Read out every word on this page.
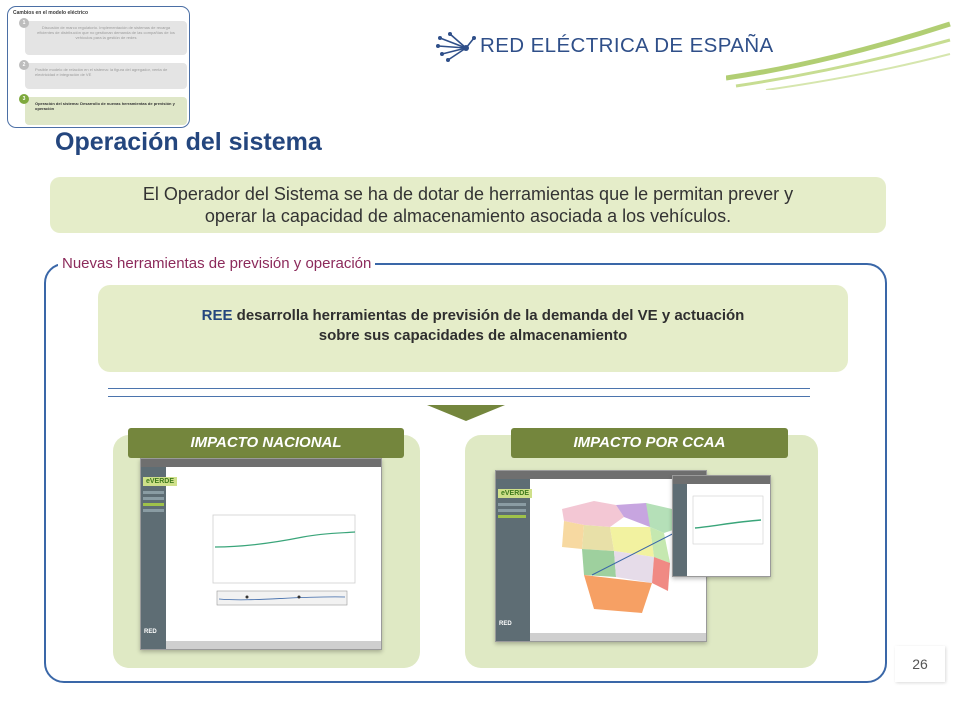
Cambios en el modelo eléctrico
1
Discusión de marco regulatorio. Implementación de sistemas de recarga eficientes de distribución que no gestionan demanda de las compañías de los vehículos para la gestión de redes
2
Posible modelo de relación en el sistema: la figura del agregador, venta de electricidad e integración de VE
3
Operación del sistema: Desarrollo de nuevas herramientas de previsión y operación
RED ELÉCTRICA DE ESPAÑA
Operación del sistema
El Operador del Sistema se ha de dotar de herramientas que le permitan prever y
operar la capacidad de almacenamiento asociada a los vehículos.
Nuevas herramientas de previsión y operación
REE desarrolla herramientas de previsión de la demanda del VE y actuación
sobre sus capacidades de almacenamiento
IMPACTO NACIONAL	IMPACTO POR CCAA
eVERDE
RED
eVERDE
RED
26
